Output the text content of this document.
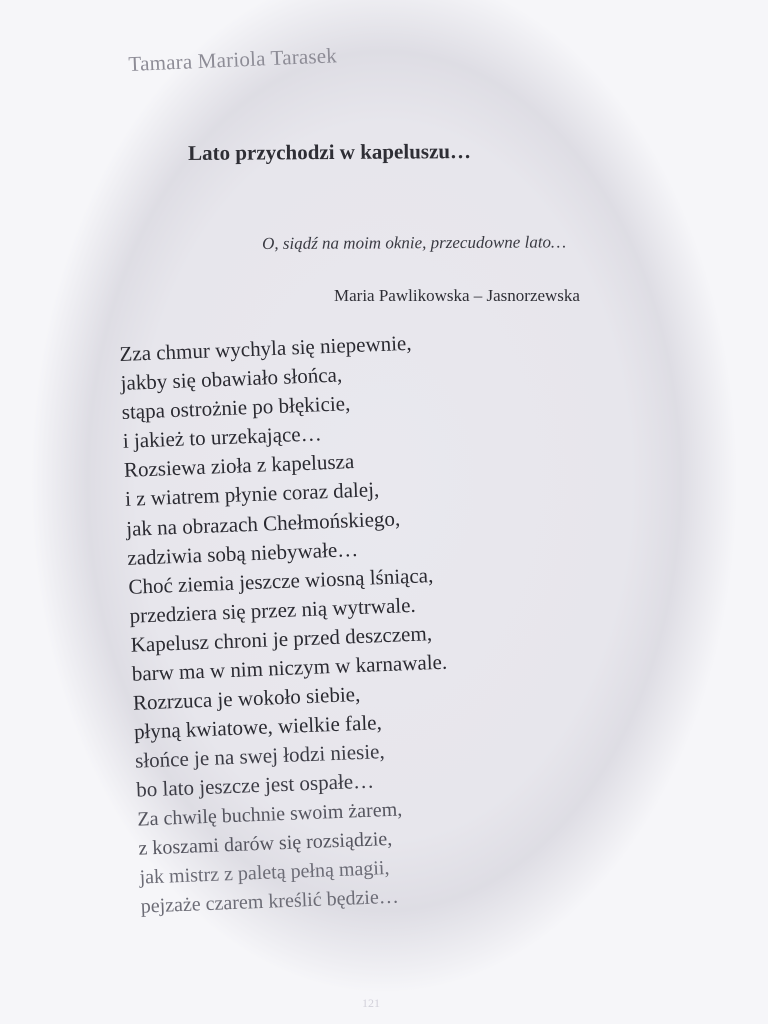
Tamara Mariola Tarasek

Lato przychodzi w kapeluszu…

O, siądź na moim oknie, przecudowne lato…

Maria Pawlikowska – Jasnorzewska

Zza chmur wychyla się niepewnie,
jakby się obawiało słońca,
stąpa ostrożnie po błękicie,
i jakież to urzekające…
Rozsiewa zioła z kapelusza
i z wiatrem płynie coraz dalej,
jak na obrazach Chełmońskiego,
zadziwia sobą niebywałe…
Choć ziemia jeszcze wiosną lśniąca,
przedziera się przez nią wytrwale.
Kapelusz chroni je przed deszczem,
barw ma w nim niczym w karnawale.
Rozrzuca je wokoło siebie,
płyną kwiatowe, wielkie fale,
słońce je na swej łodzi niesie,
bo lato jeszcze jest ospałe…
Za chwilę buchnie swoim żarem,
z koszami darów się rozsiądzie,
jak mistrz z paletą pełną magii,
pejzaże czarem kreślić będzie…

121
